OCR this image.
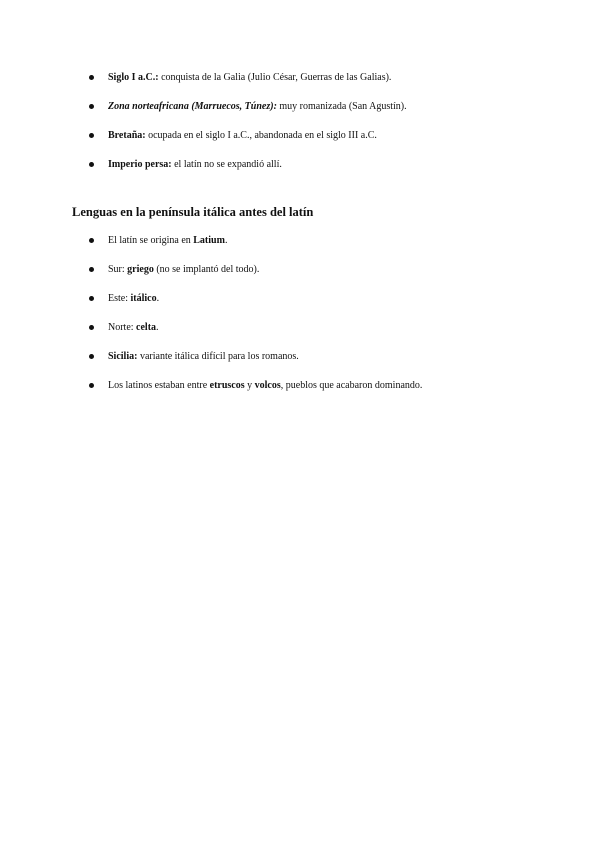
Siglo I a.C.: conquista de la Galia (Julio César, Guerras de las Galias).
Zona norteafricana (Marruecos, Túnez): muy romanizada (San Agustín).
Bretaña: ocupada en el siglo I a.C., abandonada en el siglo III a.C.
Imperio persa: el latín no se expandió allí.
Lenguas en la península itálica antes del latín
El latín se origina en Latium.
Sur: griego (no se implantó del todo).
Este: itálico.
Norte: celta.
Sicilia: variante itálica difícil para los romanos.
Los latinos estaban entre etruscos y volcos, pueblos que acabaron dominando.
